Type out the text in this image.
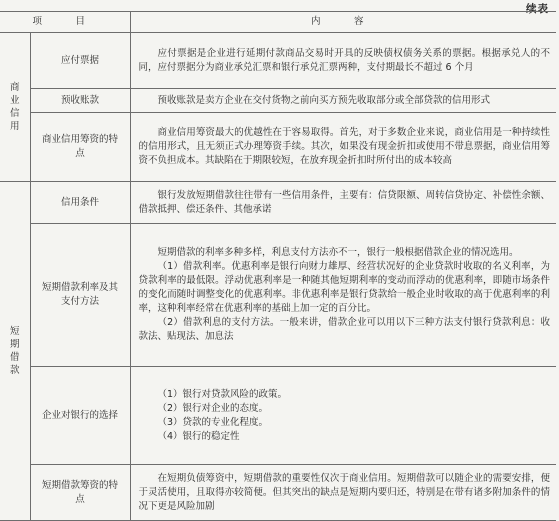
续表
项　目		内　容
商业信用	应付票据	应付票据是企业进行延期付款商品交易时开具的反映债权债务关系的票据。根据承兑人的不同，应付票据分为商业承兑汇票和银行承兑汇票两种，支付期最长不超过 6 个月

	预收账款	预收账款是卖方企业在交付货物之前向买方预先收取部分或全部贷款的信用形式

	商业信用筹资的特点	商业信用筹资最大的优越性在于容易取得。首先，对于多数企业来说，商业信用是一种持续性的信用形式，且无须正式办理筹资手续。其次，如果没有现金折扣或使用不带息票据，商业信用筹资不负担成本。其缺陷在于期限较短，在放弃现金折扣时所付出的成本较高

短期借款	信用条件	银行发放短期借款往往带有一些信用条件，主要有：信贷限额、周转信贷协定、补偿性余额、借款抵押、偿还条件、其他承诺

	短期借款利率及其支付方法	短期借款的利率多种多样，利息支付方法亦不一，银行一般根据借款企业的情况选用。
（1）借款利率。优惠利率是银行向财力雄厚、经营状况好的企业贷款时收取的名义利率，为贷款利率的最低限。浮动优惠利率是一种随其他短期利率的变动而浮动的优惠利率，即随市场条件的变化而随时调整变化的优惠利率。非优惠利率是银行贷款给一般企业时收取的高于优惠利率的利率，这种利率经常在优惠利率的基础上加一定的百分比。
（2）借款利息的支付方法。一般来讲，借款企业可以用以下三种方法支付银行贷款利息：收款法、贴现法、加息法

	企业对银行的选择	（1）银行对贷款风险的政策。
（2）银行对企业的态度。
（3）贷款的专业化程度。
（4）银行的稳定性

	短期借款筹资的特点	在短期负债筹资中，短期借款的重要性仅次于商业信用。短期借款可以随企业的需要安排，便于灵活使用，且取得亦较简便。但其突出的缺点是短期内要归还，特别是在带有诸多附加条件的情况下更是风险加剧
